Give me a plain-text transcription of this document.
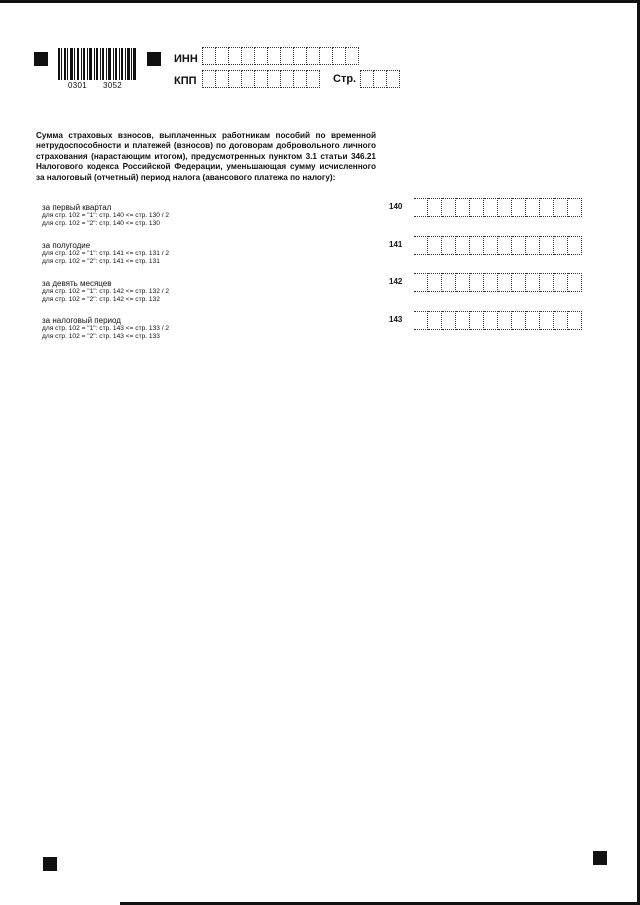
0301 3052
ИНН
КПП	Стр.
Сумма страховых взносов, выплаченных работникам пособий по временной нетрудоспособности и платежей (взносов) по договорам добровольного личного страхования (нарастающим итогом), предусмотренных пунктом 3.1 статьи 346.21 Налогового кодекса Российской Федерации, уменьшающая сумму исчисленного за налоговый (отчетный) период налога (авансового платежа по налогу):
за первый квартал
для стр. 102 = "1": стр. 140 <= стр. 130 / 2
для стр. 102 = "2": стр. 140 <= стр. 130
140
за полугодие
для стр. 102 = "1": стр. 141 <= стр. 131 / 2
для стр. 102 = "2": стр. 141 <= стр. 131
141
за девять месяцев
для стр. 102 = "1": стр. 142 <= стр. 132 / 2
для стр. 102 = "2": стр. 142 <= стр. 132
142
за налоговый период
для стр. 102 = "1": стр. 143 <= стр. 133 / 2
для стр. 102 = "2": стр. 143 <= стр. 133
143
